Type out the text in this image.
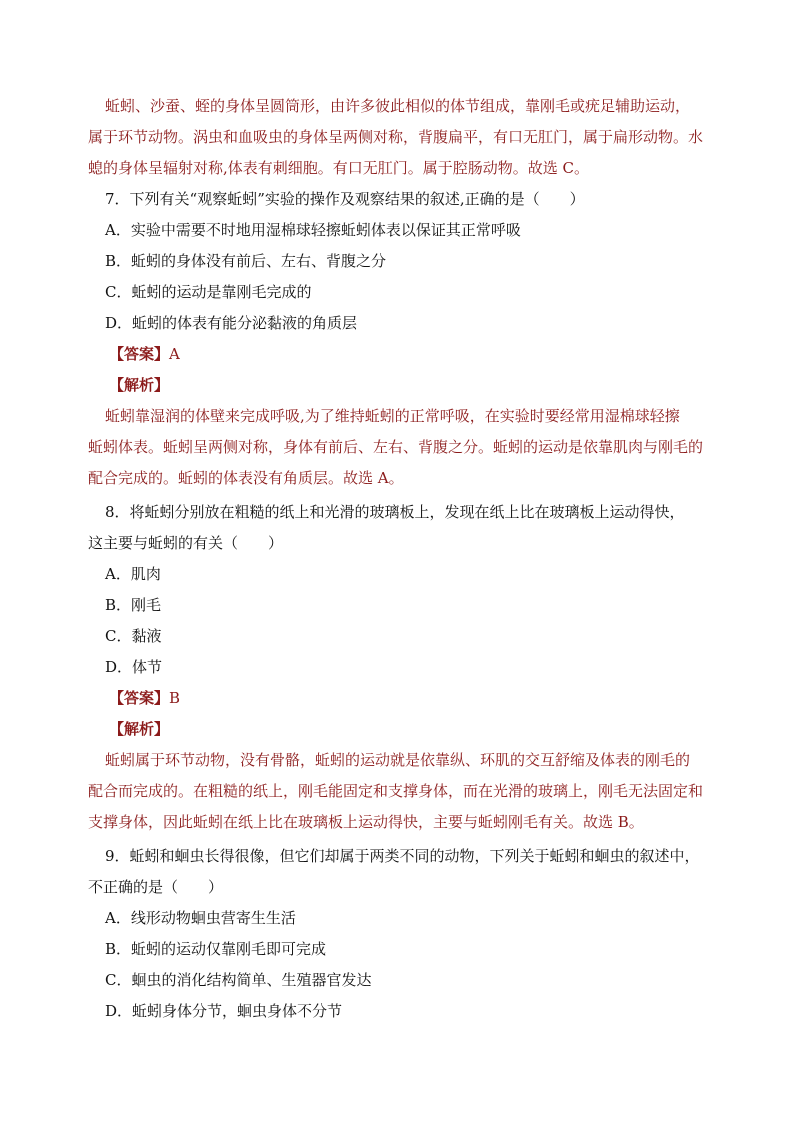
蚯蚓、沙蚕、蛭的身体呈圆筒形，由许多彼此相似的体节组成，靠刚毛或疣足辅助运动，
属于环节动物。涡虫和血吸虫的身体呈两侧对称，背腹扁平，有口无肛门，属于扁形动物。水
螅的身体呈辐射对称,体表有刺细胞。有口无肛门。属于腔肠动物。故选 C。
7．下列有关“观察蚯蚓”实验的操作及观察结果的叙述,正确的是（　　）
A．实验中需要不时地用湿棉球轻擦蚯蚓体表以保证其正常呼吸
B．蚯蚓的身体没有前后、左右、背腹之分
C．蚯蚓的运动是靠刚毛完成的
D．蚯蚓的体表有能分泌黏液的角质层
【答案】A
【解析】
蚯蚓靠湿润的体壁来完成呼吸,为了维持蚯蚓的正常呼吸，在实验时要经常用湿棉球轻擦
蚯蚓体表。蚯蚓呈两侧对称，身体有前后、左右、背腹之分。蚯蚓的运动是依靠肌肉与刚毛的
配合完成的。蚯蚓的体表没有角质层。故选 A。
8．将蚯蚓分别放在粗糙的纸上和光滑的玻璃板上，发现在纸上比在玻璃板上运动得快，
这主要与蚯蚓的有关（　　）
A．肌肉
B．刚毛
C．黏液
D．体节
【答案】B
【解析】
蚯蚓属于环节动物，没有骨骼，蚯蚓的运动就是依靠纵、环肌的交互舒缩及体表的刚毛的
配合而完成的。在粗糙的纸上，刚毛能固定和支撑身体，而在光滑的玻璃上，刚毛无法固定和
支撑身体，因此蚯蚓在纸上比在玻璃板上运动得快，主要与蚯蚓刚毛有关。故选 B。
9．蚯蚓和蛔虫长得很像，但它们却属于两类不同的动物，下列关于蚯蚓和蛔虫的叙述中，
不正确的是（　　）
A．线形动物蛔虫营寄生生活
B．蚯蚓的运动仅靠刚毛即可完成
C．蛔虫的消化结构简单、生殖器官发达
D．蚯蚓身体分节，蛔虫身体不分节
